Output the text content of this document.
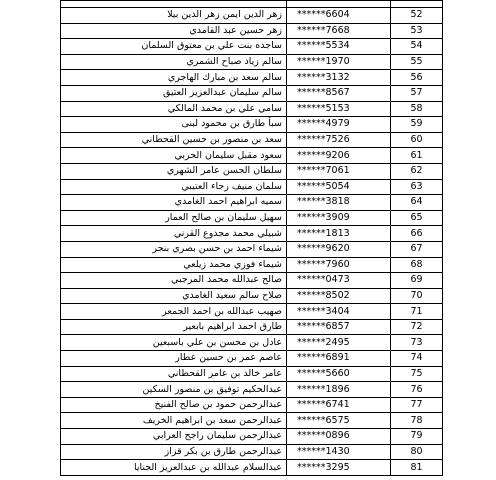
زهر الدين ايمن زهر الدين بيلا	******6604	52
زهر حسين عبد القامدي	******7668	53
ساجده بنت علي بن معتوق السلمان	******5534	54
سالم زياد صباح الشمري	******1970	55
سالم سعد بن مبارك الهاجري	******3132	56
سالم سليمان عبدالعزيز العتيق	******8567	57
سامي علي بن محمد المالكي	******5153	58
سبأ طارق بن محمود لبنى	******4979	59
سعد بن منصور بن حسين القحطاني	******7526	60
سعود مقبل سليمان الحربي	******9206	61
سلطان الحسن عامر الشهري	******7061	62
سلمان منيف رجاء العتيبي	******5054	63
سميه ابراهيم احمد الغامدي	******3818	64
سهيل سليمان بن صالح العمار	******3909	65
شبيلي محمد مجدوع القرني	******1813	66
شيماء احمد بن حسن بصري بنجر	******9620	67
شيماء فوزي محمد زيلعي	******7960	68
صالح عبدالله محمد المرجبي	******0473	69
صلاح سالم سعيد الغامدي	******8502	70
صهيب عبدالله بن احمد الجمعر	******3404	71
طارق احمد ابراهيم بابعير	******6857	72
عادل بن محسن بن علي باسبعين	******2495	73
عاصم عمر بن حسين عطار	******6891	74
عامر خالد بن عامر القحطاني	******5660	75
عبدالحكيم توفيق بن منصور السكين	******1896	76
عبدالرحمن حمود بن صالح الفنيخ	******6741	77
عبدالرحمن سعد بن ابراهيم الخريف	******6575	78
عبدالرحمن سليمان راجح العرابي	******0896	79
عبدالرحمن طارق بن بكر قزاز	******1430	80
عبدالسلام عبدالله بن عبدالعزيز الجنايا	******3295	81
